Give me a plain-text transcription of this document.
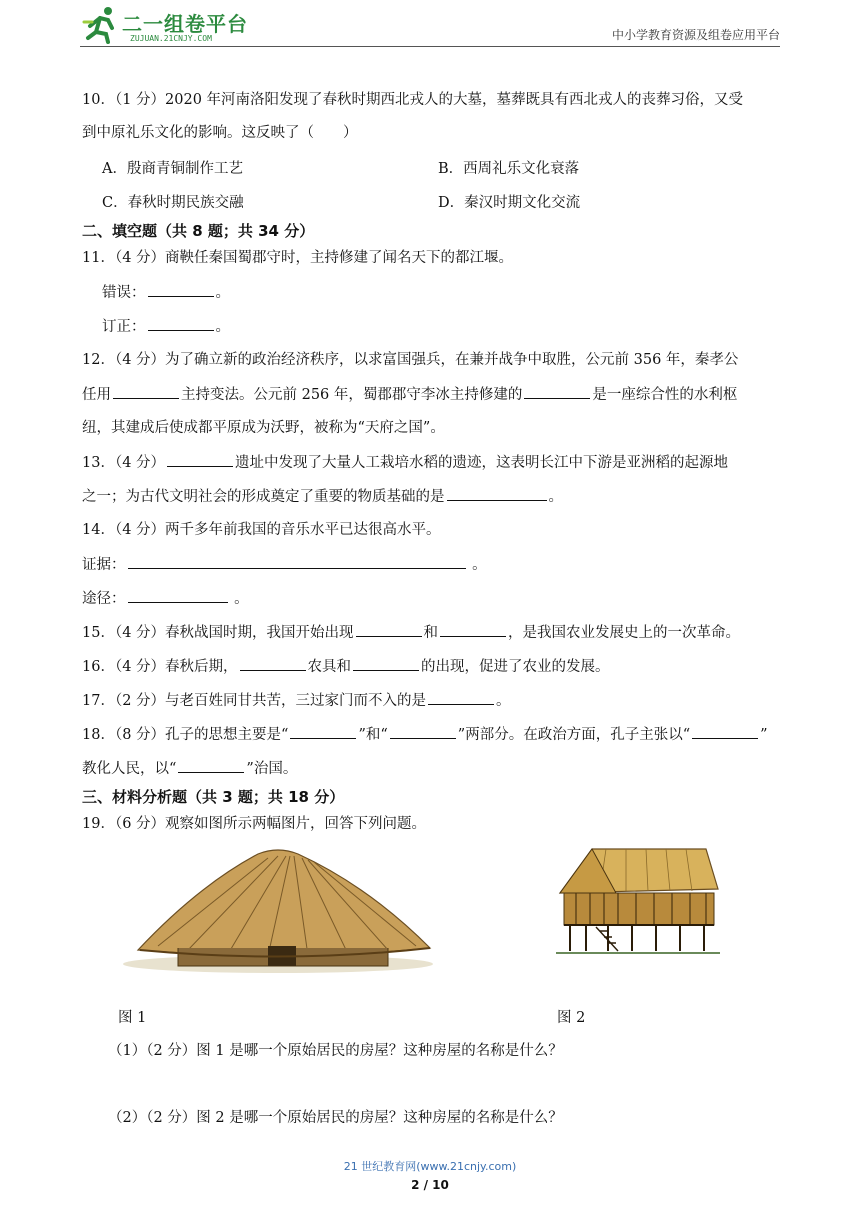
二一组卷平台
ZUJUAN.21CNJY.COM	中小学教育资源及组卷应用平台
10．（1 分）2020 年河南洛阳发现了春秋时期西北戎人的大墓，墓葬既具有西北戎人的丧葬习俗，又受
到中原礼乐文化的影响。这反映了（　　）
A．殷商青铜制作工艺	B．西周礼乐文化衰落
C．春秋时期民族交融	D．秦汉时期文化交流
二、填空题（共 8 题；共 34 分）
11．（4 分）商鞅任秦国蜀郡守时，主持修建了闻名天下的都江堰。
错误：	。
订正：	。
12．（4 分）为了确立新的政治经济秩序，以求富国强兵，在兼并战争中取胜，公元前 356 年，秦孝公
任用	主持变法。公元前 256 年，蜀郡郡守李冰主持修建的	是一座综合性的水利枢
纽，其建成后使成都平原成为沃野，被称为“天府之国”。
13．（4 分）	遗址中发现了大量人工栽培水稻的遗迹，这表明长江中下游是亚洲稻的起源地
之一；为古代文明社会的形成奠定了重要的物质基础的是	。
14．（4 分）两千多年前我国的音乐水平已达很高水平。
证据：	。
途径：	。
15．（4 分）春秋战国时期，我国开始出现	和	，是我国农业发展史上的一次革命。
16．（4 分）春秋后期，	农具和	的出现，促进了农业的发展。
17．（2 分）与老百姓同甘共苦，三过家门而不入的是	。
18．（8 分）孔子的思想主要是“	”和“	”两部分。在政治方面，孔子主张以“	”
教化人民，以“	”治国。
三、材料分析题（共 3 题；共 18 分）
19．（6 分）观察如图所示两幅图片，回答下列问题。
图 1	图 2
（1）（2 分）图 1 是哪一个原始居民的房屋？这种房屋的名称是什么？
（2）（2 分）图 2 是哪一个原始居民的房屋？这种房屋的名称是什么？
21 世纪教育网(www.21cnjy.com)
2 / 10
